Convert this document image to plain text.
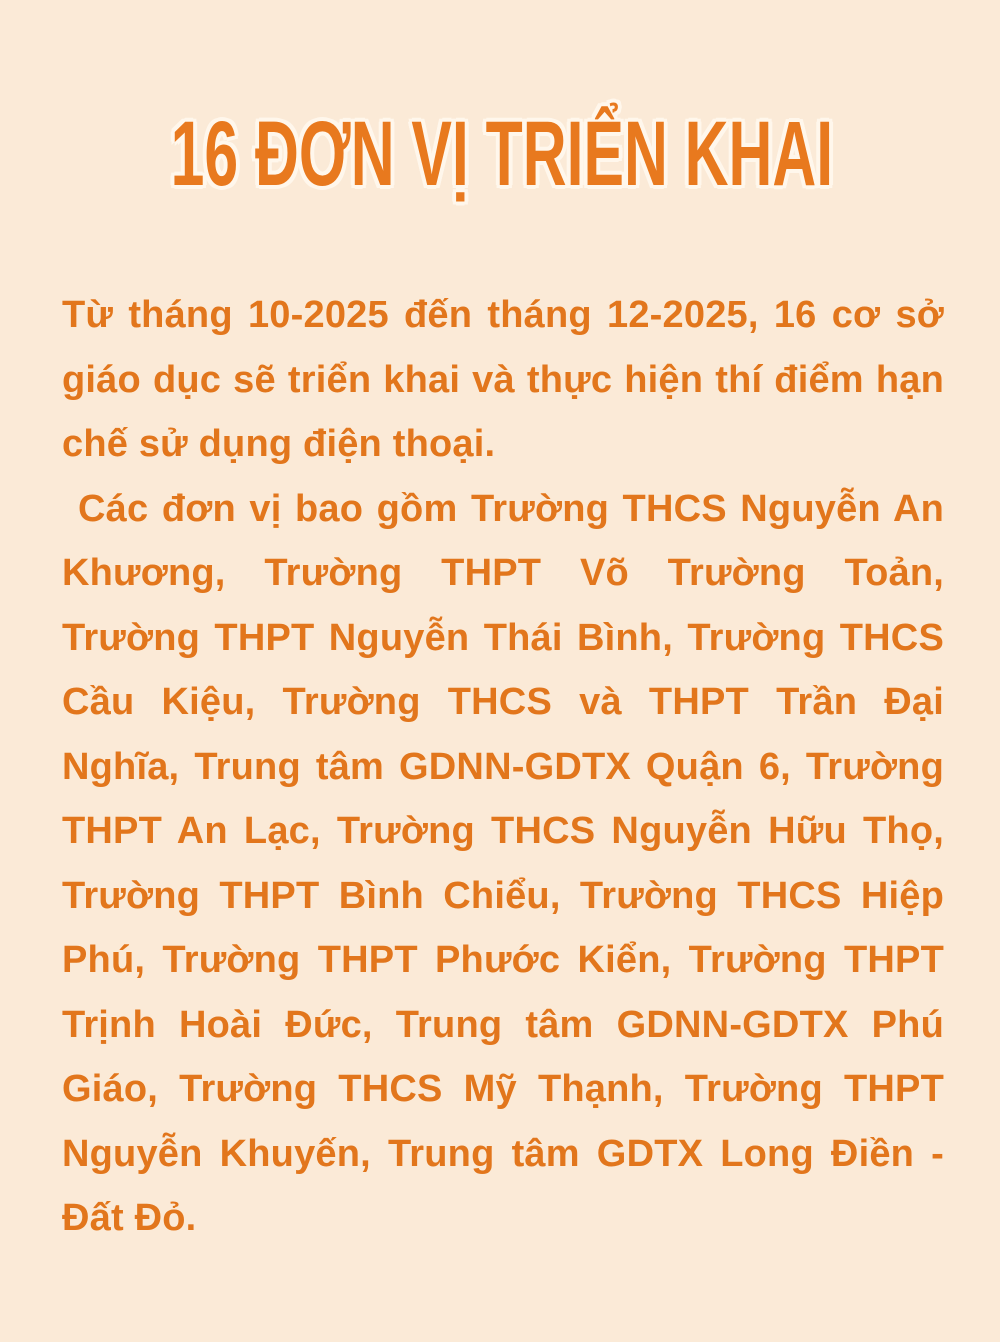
16 ĐƠN VỊ TRIỂN KHAI

Từ tháng 10-2025 đến tháng 12-2025, 16 cơ sở giáo dục sẽ triển khai và thực hiện thí điểm hạn chế sử dụng điện thoại.

Các đơn vị bao gồm Trường THCS Nguyễn An Khương, Trường THPT Võ Trường Toản, Trường THPT Nguyễn Thái Bình, Trường THCS Cầu Kiệu, Trường THCS và THPT Trần Đại Nghĩa, Trung tâm GDNN-GDTX Quận 6, Trường THPT An Lạc, Trường THCS Nguyễn Hữu Thọ, Trường THPT Bình Chiểu, Trường THCS Hiệp Phú, Trường THPT Phước Kiển, Trường THPT Trịnh Hoài Đức, Trung tâm GDNN-GDTX Phú Giáo, Trường THCS Mỹ Thạnh, Trường THPT Nguyễn Khuyến, Trung tâm GDTX Long Điền - Đất Đỏ.
